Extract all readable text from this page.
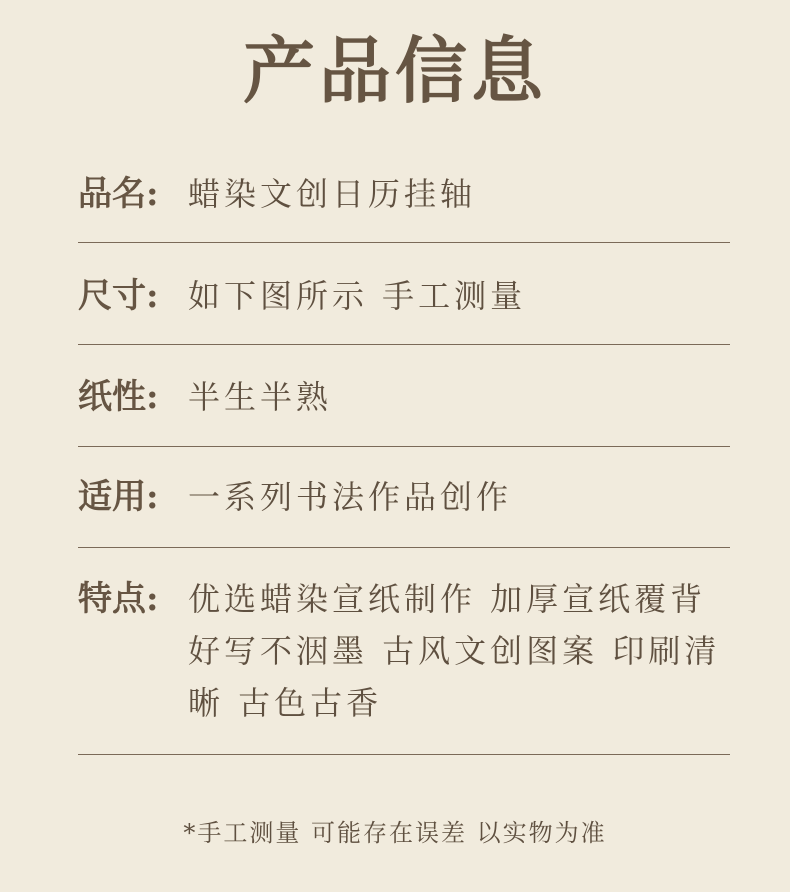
产品信息
品名: 蜡染文创日历挂轴
尺寸: 如下图所示 手工测量
纸性: 半生半熟
适用: 一系列书法作品创作
特点: 优选蜡染宣纸制作 加厚宣纸覆背 好写不洇墨 古风文创图案 印刷清晰 古色古香
*手工测量 可能存在误差 以实物为准
